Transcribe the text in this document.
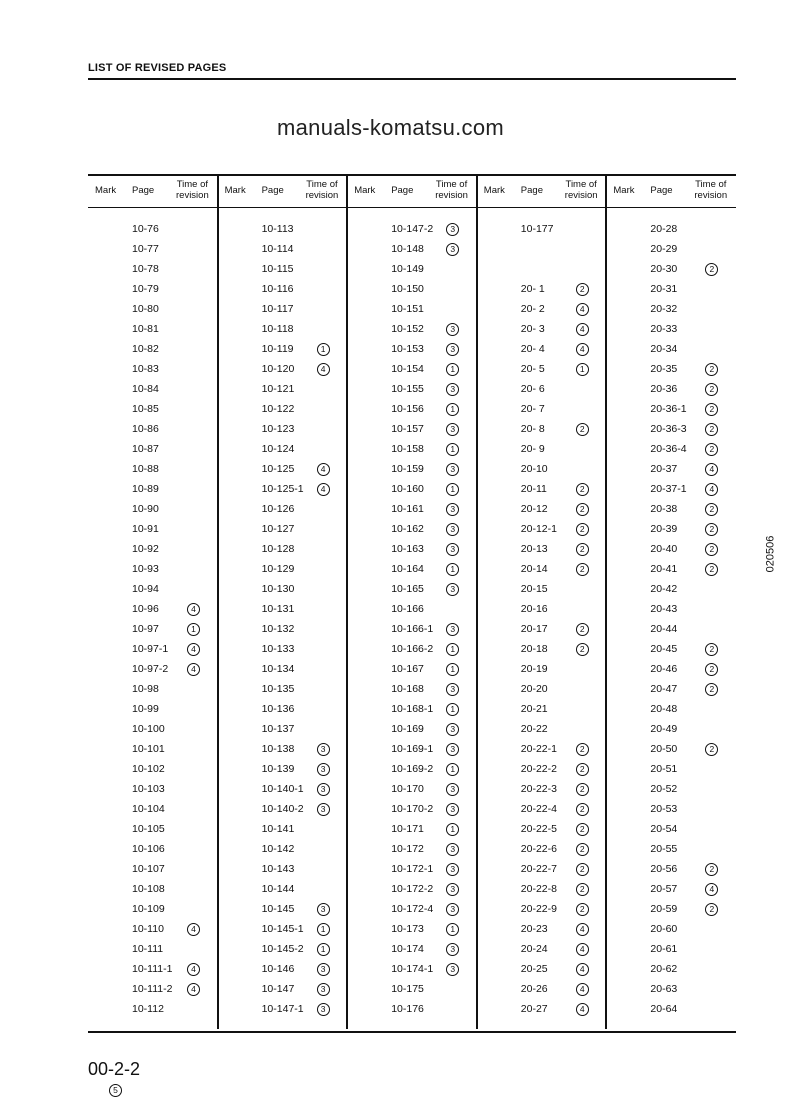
LIST OF REVISED PAGES
Mark Page
Time of
revision
10-76
10-77
10-78
10-79
10-80
10-81
10-82
10-83
10-84
10-85
10-86
10-87
10-88
10-89
10-90
10-91
10-92
10-93
10-94
10-96	4
10-97	1
10-97-1	4
10-97-2	4
10-98
10-99
10-100
10-101
10-102
10-103
10-104
10-105
10-106
10-107
10-108
10-109
10-110	4
10-111
10-111-1	4
10-111-2	4
10-112
Mark Page
Time of
revision
10-113
10-114
10-115
10-116
10-117
10-118
10-119	1
10-120	4
10-121
10-122
10-123
10-124
10-125	4
10-125-1	4
10-126
10-127
10-128
10-129
10-130
10-131
10-132
10-133
10-134
10-135
10-136
10-137
10-138	3
10-139	3
10-140-1	3
10-140-2	3
10-141
10-142
10-143
10-144
10-145	3
10-145-1	1
10-145-2	1
10-146	3
10-147	3
10-147-1	3
Mark Page
Time of
revision
10-147-2	3
10-148	3
10-149
10-150
10-151
10-152	3
10-153	3
10-154	1
10-155	3
10-156	1
10-157	3
10-158	1
10-159	3
10-160	1
10-161	3
10-162	3
10-163	3
10-164	1
10-165	3
10-166
10-166-1	3
10-166-2	1
10-167	1
10-168	3
10-168-1	1
10-169	3
10-169-1	3
10-169-2	1
10-170	3
10-170-2	3
10-171	1
10-172	3
10-172-1	3
10-172-2	3
10-172-4	3
10-173	1
10-174	3
10-174-1	3
10-175
10-176
Mark Page
Time of
revision
10-177
20- 1	2
20- 2	4
20- 3	4
20- 4	4
20- 5	1
20- 6
20- 7
20- 8	2
20- 9
20-10
20-11	2
20-12	2
20-12-1	2
20-13	2
20-14	2
20-15
20-16
20-17	2
20-18	2
20-19
20-20
20-21
20-22
20-22-1	2
20-22-2	2
20-22-3	2
20-22-4	2
20-22-5	2
20-22-6	2
20-22-7	2
20-22-8	2
20-22-9	2
20-23	4
20-24	4
20-25	4
20-26	4
20-27	4
Mark Page
Time of
revision
20-28
20-29
20-30	2
20-31
20-32
20-33
20-34
20-35	2
20-36	2
20-36-1	2
20-36-3	2
20-36-4	2
20-37	4
20-37-1	4
20-38	2
20-39	2
20-40	2
20-41	2
20-42
20-43
20-44
20-45	2
20-46	2
20-47	2
20-48
20-49
20-50	2
20-51
20-52
20-53
20-54
20-55
20-56	2
20-57	4
20-59	2
20-60
20-61
20-62
20-63
20-64
manuals-komatsu.com
00-2-2
5
020506
